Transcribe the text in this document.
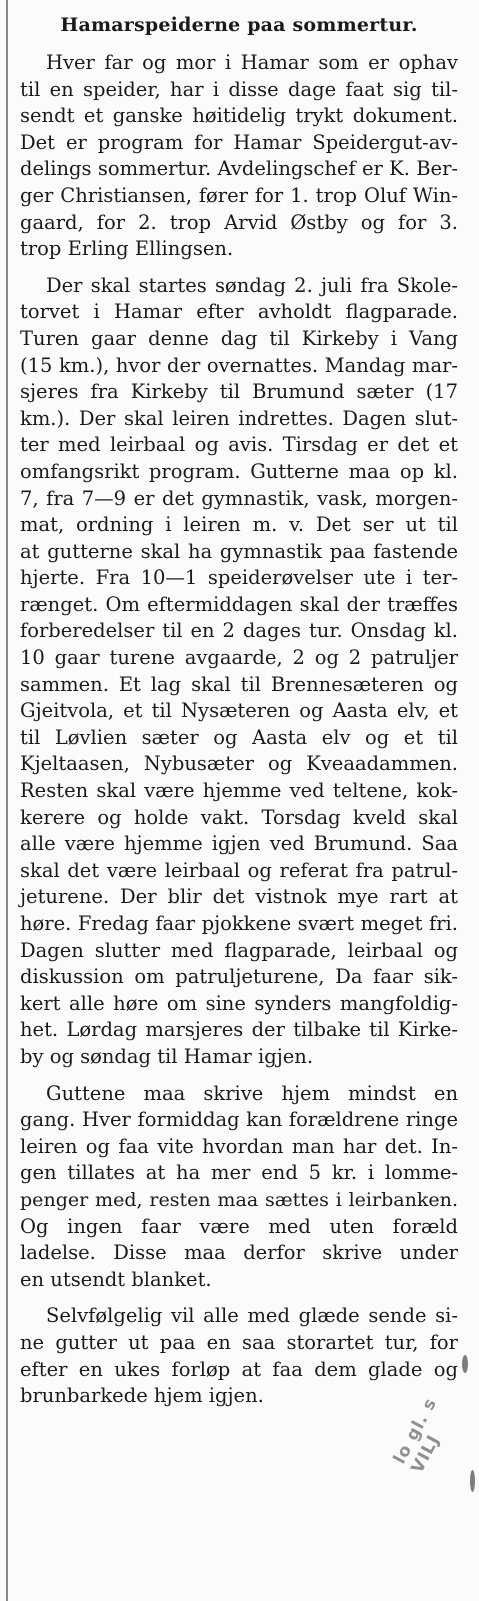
Hamarspeiderne paa sommertur.
Hver far og mor i Hamar som er ophav
til en speider, har i disse dage faat sig til-
sendt et ganske høitidelig trykt dokument.
Det er program for Hamar Speidergut-av-
delings sommertur. Avdelingschef er K. Ber-
ger Christiansen, fører for 1. trop Oluf Win-
gaard, for 2. trop Arvid Østby og for 3.
trop Erling Ellingsen.
Der skal startes søndag 2. juli fra Skole-
torvet i Hamar efter avholdt flagparade.
Turen gaar denne dag til Kirkeby i Vang
(15 km.), hvor der overnattes. Mandag mar-
sjeres fra Kirkeby til Brumund sæter (17
km.). Der skal leiren indrettes. Dagen slut-
ter med leirbaal og avis. Tirsdag er det et
omfangsrikt program. Gutterne maa op kl.
7, fra 7—9 er det gymnastik, vask, morgen-
mat, ordning i leiren m. v. Det ser ut til
at gutterne skal ha gymnastik paa fastende
hjerte. Fra 10—1 speiderøvelser ute i ter-
rænget. Om eftermiddagen skal der træffes
forberedelser til en 2 dages tur. Onsdag kl.
10 gaar turene avgaarde, 2 og 2 patruljer
sammen. Et lag skal til Brennesæteren og
Gjeitvola, et til Nysæteren og Aasta elv, et
til Løvlien sæter og Aasta elv og et til
Kjeltaasen, Nybusæter og Kveaadammen.
Resten skal være hjemme ved teltene, kok-
kerere og holde vakt. Torsdag kveld skal
alle være hjemme igjen ved Brumund. Saa
skal det være leirbaal og referat fra patrul-
jeturene. Der blir det vistnok mye rart at
høre. Fredag faar pjokkene svært meget fri.
Dagen slutter med flagparade, leirbaal og
diskussion om patruljeturene, Da faar sik-
kert alle høre om sine synders mangfoldig-
het. Lørdag marsjeres der tilbake til Kirke-
by og søndag til Hamar igjen.
Guttene maa skrive hjem mindst en
gang. Hver formiddag kan forældrene ringe
leiren og faa vite hvordan man har det. In-
gen tillates at ha mer end 5 kr. i lomme-
penger med, resten maa sættes i leirbanken.
Og ingen faar være med uten foræld
ladelse. Disse maa derfor skrive under
en utsendt blanket.
Selvfølgelig vil alle med glæde sende si-
ne gutter ut paa en saa storartet tur, for
efter en ukes forløp at faa dem glade og
brunbarkede hjem igjen.	lo gl. s VILJ
